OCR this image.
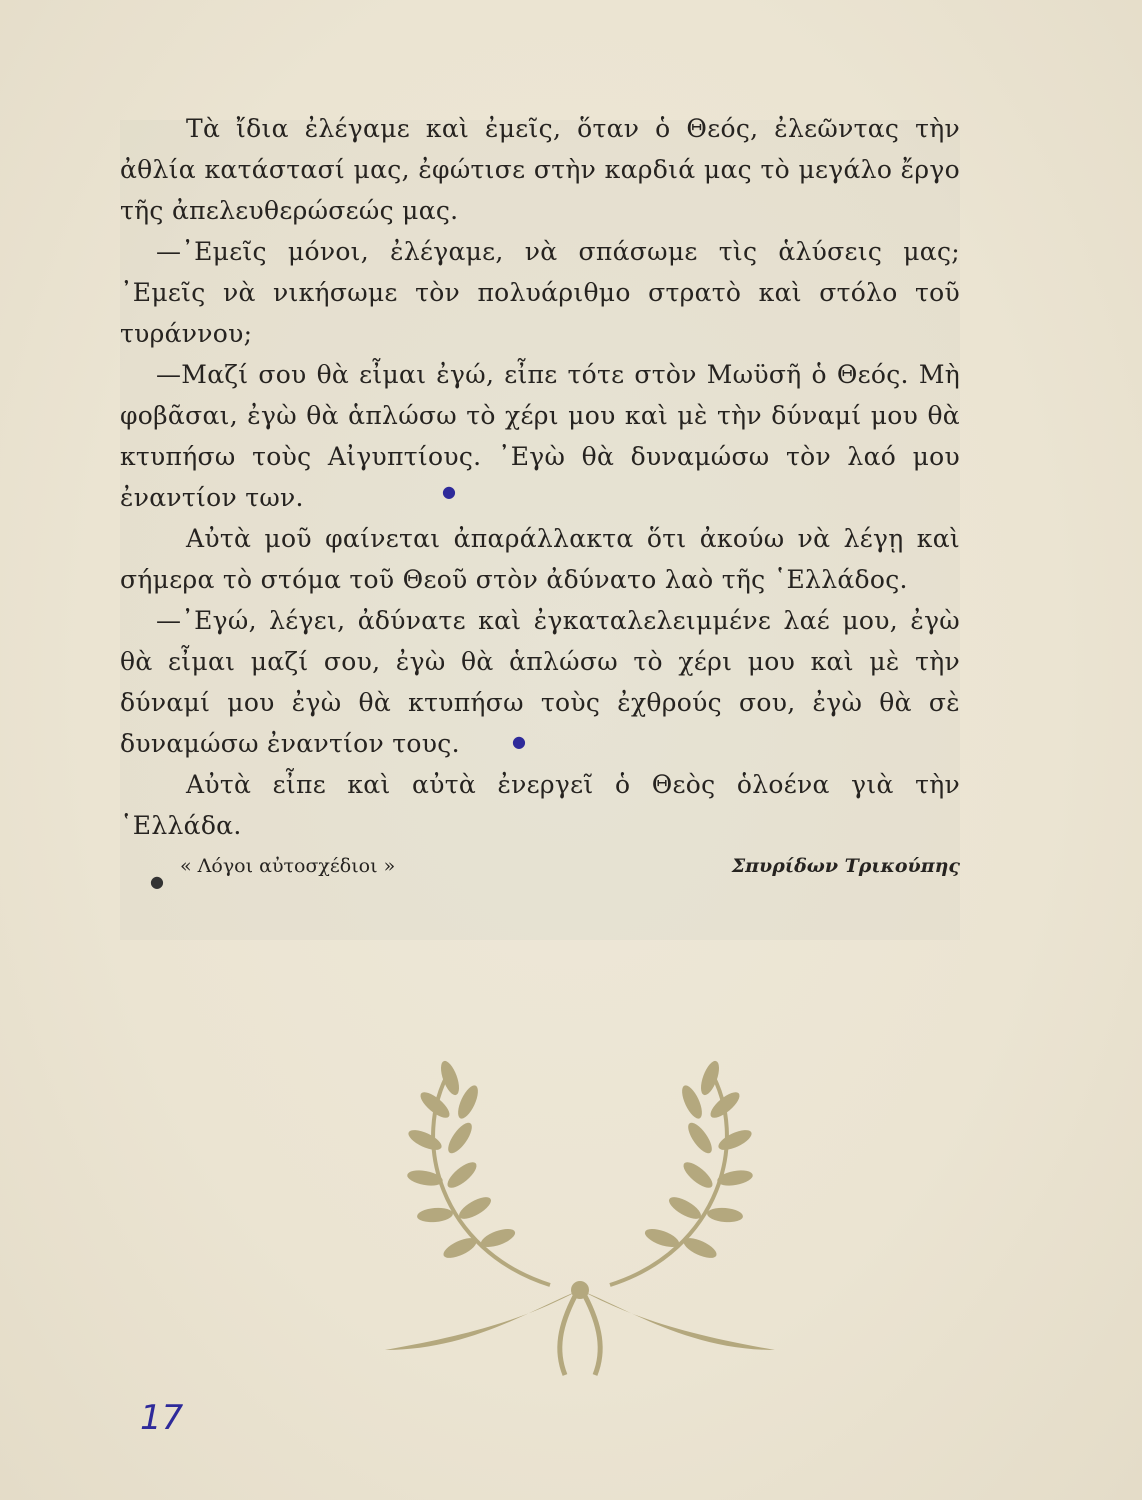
Τὰ ἴδια ἐλέγαμε καὶ ἐμεῖς, ὅταν ὁ Θεός, ἐλεῶντας τὴν ἀθλία κατάστασί μας, ἐφώτισε στὴν καρδιά μας τὸ μεγάλο ἔργο τῆς ἀπελευθερώσεώς μας.

—᾿Εμεῖς μόνοι, ἐλέγαμε, νὰ σπάσωμε τὶς ἁλύσεις μας; ᾿Εμεῖς νὰ νικήσωμε τὸν πολυάριθμο στρατὸ καὶ στόλο τοῦ τυράννου;

—Μαζί σου θὰ εἶμαι ἐγώ, εἶπε τότε στὸν Μωϋσῆ ὁ Θεός. Μὴ φοβᾶσαι, ἐγὼ θὰ ἁπλώσω τὸ χέρι μου καὶ μὲ τὴν δύναμί μου θὰ κτυπήσω τοὺς Αἰγυπτίους. ᾿Εγὼ θὰ δυναμώσω τὸν λαό μου ἐναντίον των.

Αὐτὰ μοῦ φαίνεται ἀπαράλλακτα ὅτι ἀκούω νὰ λέγῃ καὶ σήμερα τὸ στόμα τοῦ Θεοῦ στὸν ἀδύνατο λαὸ τῆς ῾Ελλάδος.

—᾿Εγώ, λέγει, ἀδύνατε καὶ ἐγκαταλελειμμένε λαέ μου, ἐγὼ θὰ εἶμαι μαζί σου, ἐγὼ θὰ ἁπλώσω τὸ χέρι μου καὶ μὲ τὴν δύναμί μου ἐγὼ θὰ κτυπήσω τοὺς ἐχθρούς σου, ἐγὼ θὰ σὲ δυναμώσω ἐναντίον τους.

Αὐτὰ εἶπε καὶ αὐτὰ ἐνεργεῖ ὁ Θεὸς ὁλοένα γιὰ τὴν ῾Ελλάδα.

« Λόγοι αὐτοσχέδιοι »	Σπυρίδων Τρικούπης
17
●
●
●
